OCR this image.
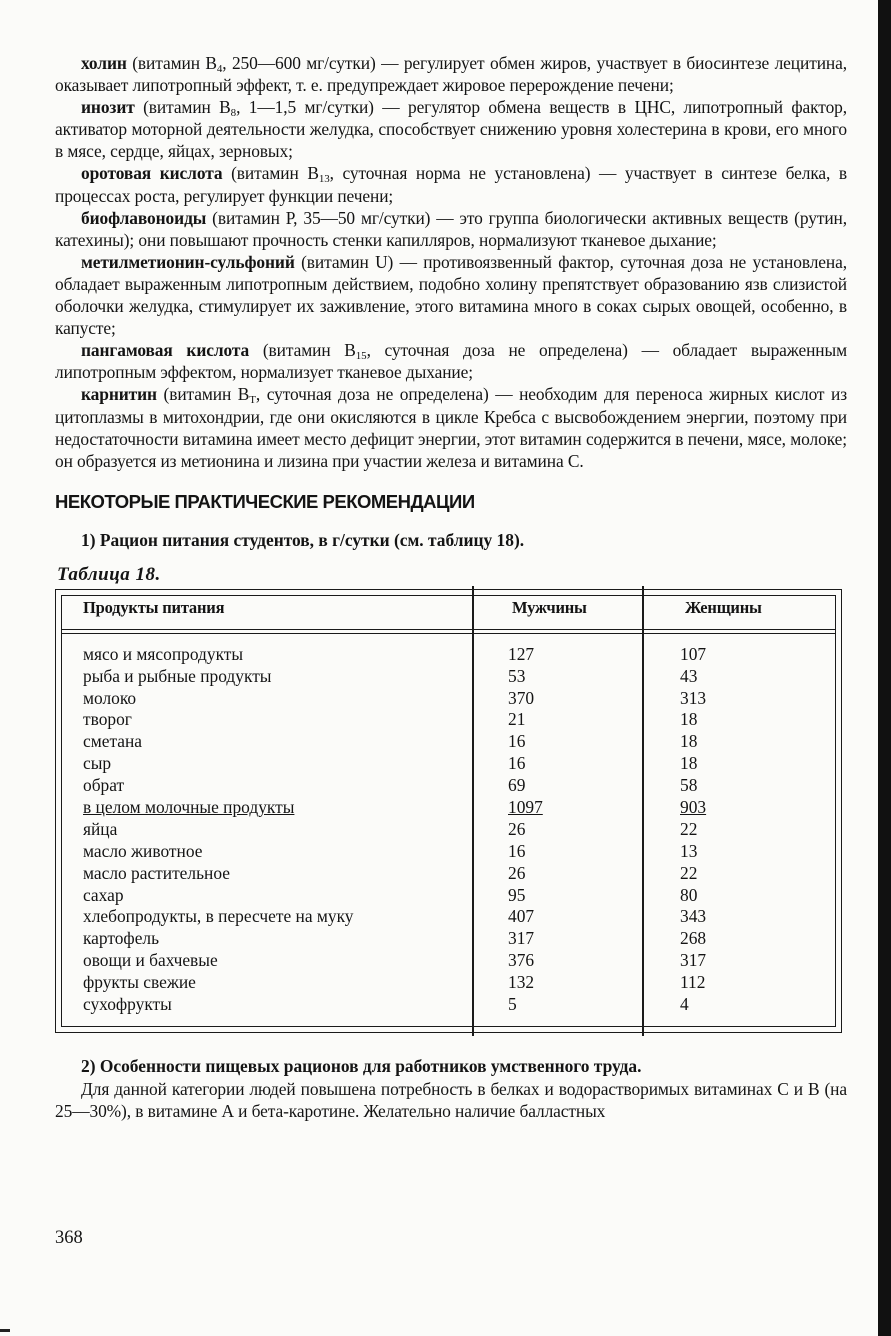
холин (витамин $В_4$, 250—600 мг/сутки) — регулирует обмен жиров, участвует в биосинтезе лецитина, оказывает липотропный эффект, т. е. предупреждает жировое перерождение печени;

инозит (витамин $В_8$, 1—1,5 мг/сутки) — регулятор обмена веществ в ЦНС, липотропный фактор, активатор моторной деятельности желудка, способствует снижению уровня холестерина в крови, его много в мясе, сердце, яйцах, зерновых;

оротовая кислота (витамин $В_{13}$, суточная норма не установлена) — участвует в синтезе белка, в процессах роста, регулирует функции печени;

биофлавоноиды (витамин Р, 35—50 мг/сутки) — это группа биологически активных веществ (рутин, катехины); они повышают прочность стенки капилляров, нормализуют тканевое дыхание;

метилметионин-сульфоний (витамин U) — противоязвенный фактор, суточная доза не установлена, обладает выраженным липотропным действием, подобно холину препятствует образованию язв слизистой оболочки желудка, стимулирует их заживление, этого витамина много в соках сырых овощей, особенно, в капусте;

пангамовая кислота (витамин $В_{15}$, суточная доза не определена) — обладает выраженным липотропным эффектом, нормализует тканевое дыхание;

карнитин (витамин $В_Т$, суточная доза не определена) — необходим для переноса жирных кислот из цитоплазмы в митохондрии, где они окисляются в цикле Кребса с высвобождением энергии, поэтому при недостаточности витамина имеет место дефицит энергии, этот витамин содержится в печени, мясе, молоке; он образуется из метионина и лизина при участии железа и витамина С.

НЕКОТОРЫЕ ПРАКТИЧЕСКИЕ РЕКОМЕНДАЦИИ
1) Рацион питания студентов, в г/сутки (см. таблицу 18).
Таблица 18.
Продукты питания	Мужчины	Женщины
мясо и мясопродукты	127	107
рыба и рыбные продукты	53	43
молоко	370	313
творог	21	18
сметана	16	18
сыр	16	18
обрат	69	58
в целом молочные продукты	1097	903
яйца	26	22
масло животное	16	13
масло растительное	26	22
сахар	95	80
хлебопродукты, в пересчете на муку	407	343
картофель	317	268
овощи и бахчевые	376	317
фрукты свежие	132	112
сухофрукты	5	4
2) Особенности пищевых рационов для работников умственного труда.

Для данной категории людей повышена потребность в белках и водорастворимых витаминах С и В (на 25—30%), в витамине А и бета-каротине. Желательно наличие балластных

368
